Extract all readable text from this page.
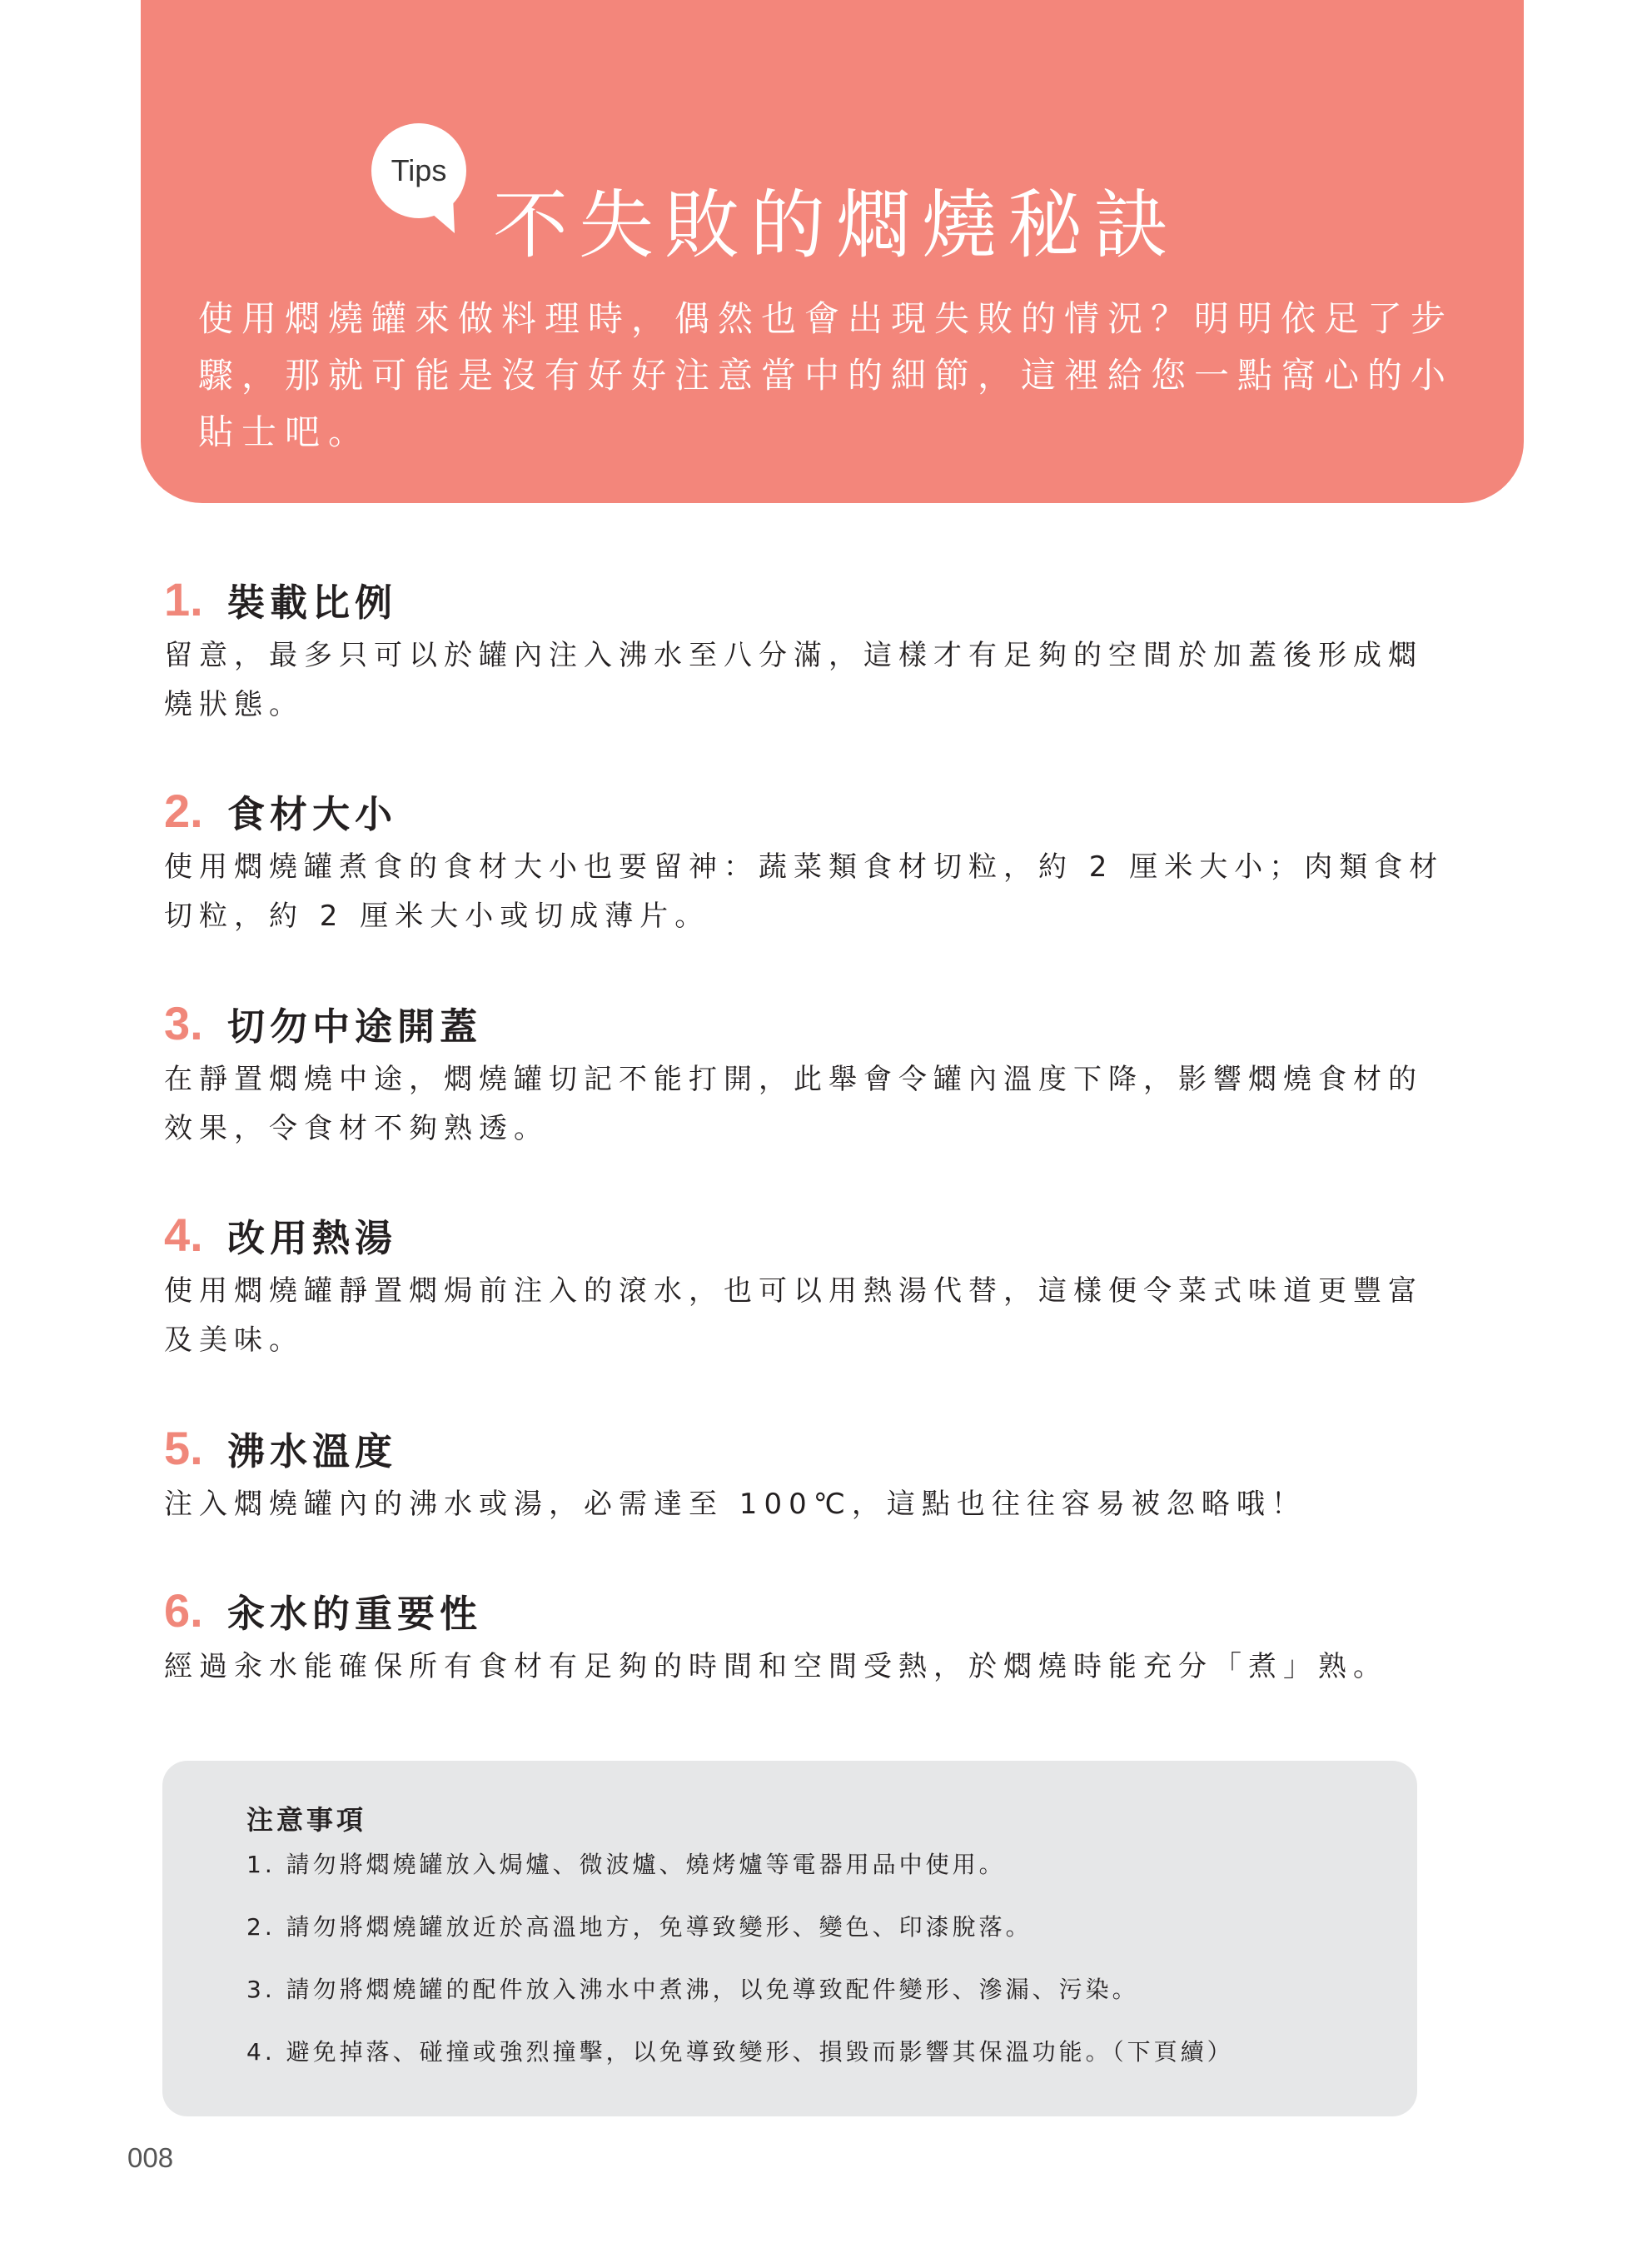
Tips
不失敗的燜燒秘訣
使用燜燒罐來做料理時，偶然也會出現失敗的情況？明明依足了步
驟，那就可能是沒有好好注意當中的細節，這裡給您一點窩心的小
貼士吧。
1. 裝載比例
留意，最多只可以於罐內注入沸水至八分滿，這樣才有足夠的空間於加蓋後形成燜
燒狀態。
2. 食材大小
使用燜燒罐煮食的食材大小也要留神：蔬菜類食材切粒，約 2 厘米大小；肉類食材
切粒，約 2 厘米大小或切成薄片。
3. 切勿中途開蓋
在靜置燜燒中途，燜燒罐切記不能打開，此舉會令罐內溫度下降，影響燜燒食材的
效果，令食材不夠熟透。
4. 改用熱湯
使用燜燒罐靜置燜焗前注入的滾水，也可以用熱湯代替，這樣便令菜式味道更豐富
及美味。
5. 沸水溫度
注入燜燒罐內的沸水或湯，必需達至 100℃，這點也往往容易被忽略哦！
6. 汆水的重要性
經過汆水能確保所有食材有足夠的時間和空間受熱，於燜燒時能充分「煮」熟。
注意事項
1. 請勿將燜燒罐放入焗爐、微波爐、燒烤爐等電器用品中使用。
2. 請勿將燜燒罐放近於高溫地方，免導致變形、變色、印漆脫落。
3. 請勿將燜燒罐的配件放入沸水中煮沸，以免導致配件變形、滲漏、污染。
4. 避免掉落、碰撞或強烈撞擊，以免導致變形、損毀而影響其保溫功能。（下頁續）
008
